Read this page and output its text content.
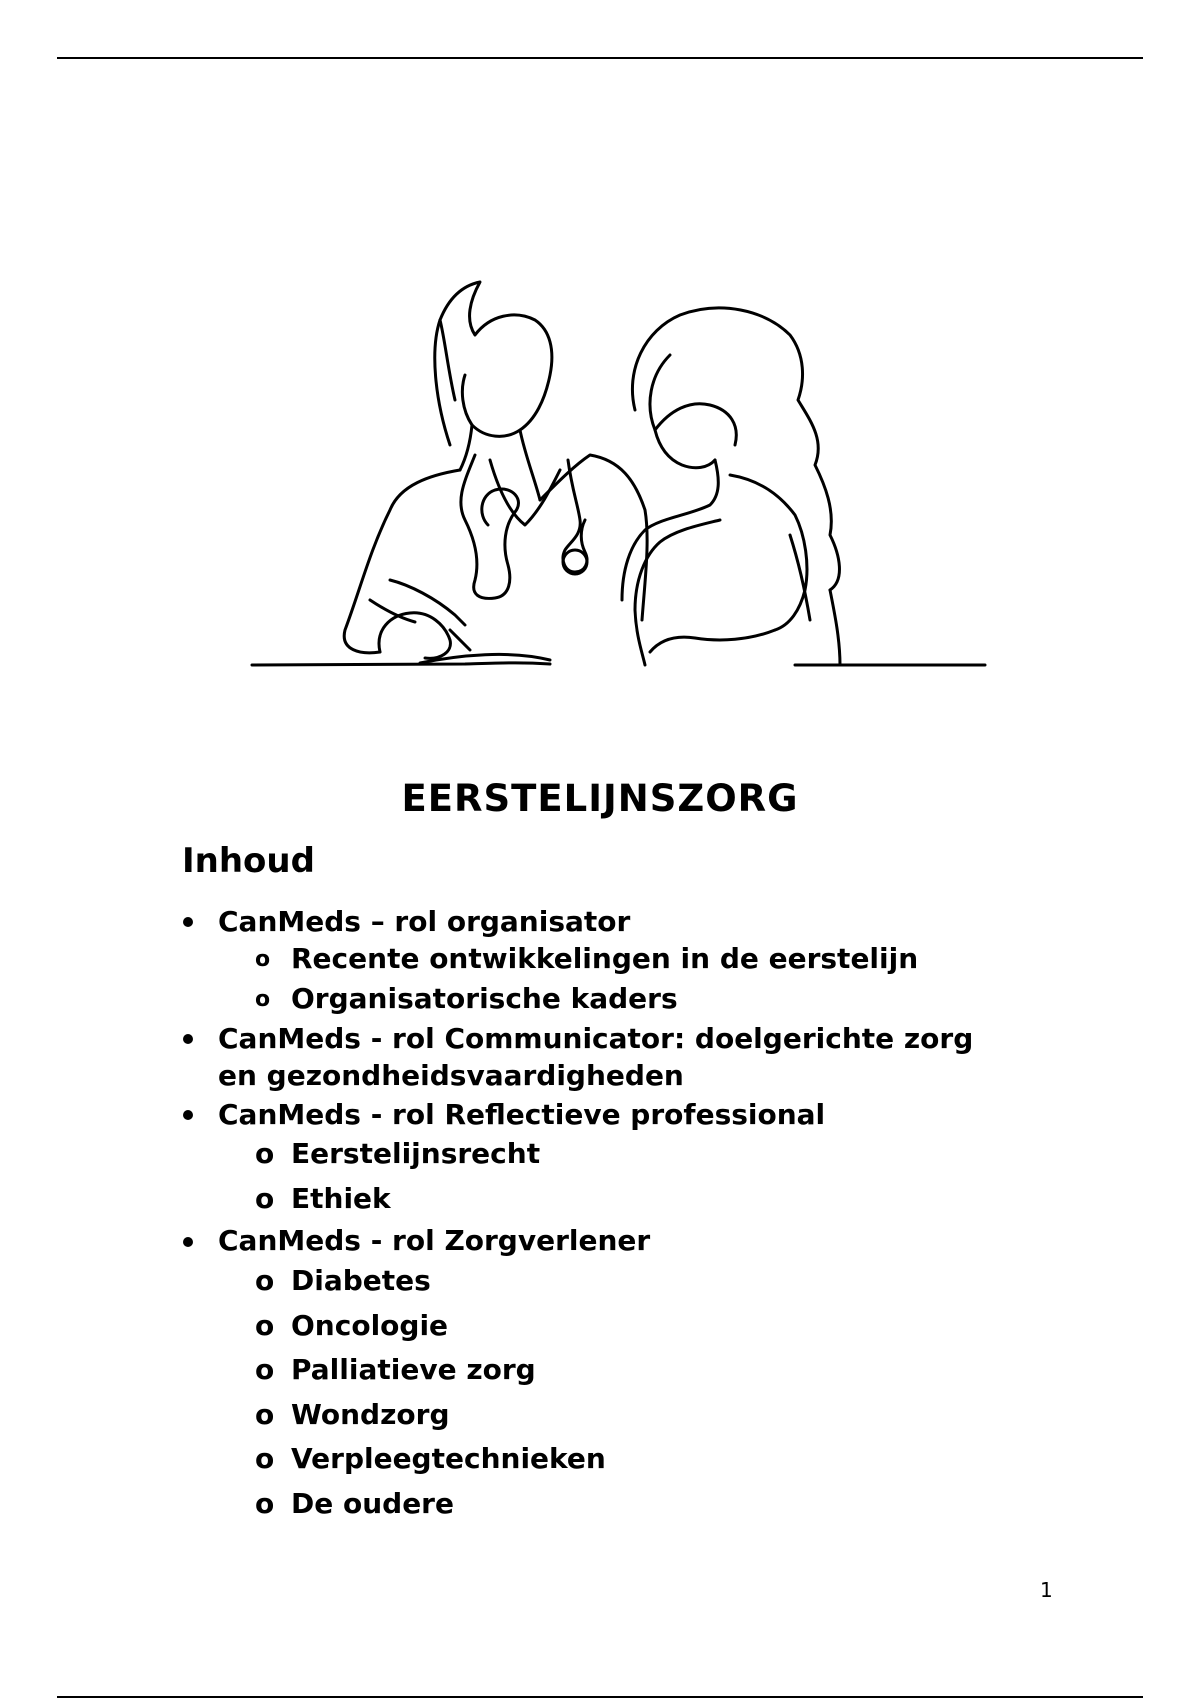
EERSTELIJNSZORG
Inhoud
CanMeds – rol organisator
o Recente ontwikkelingen in de eerstelijn
o Organisatorische kaders
CanMeds - rol Communicator: doelgerichte zorg
en gezondheidsvaardigheden
CanMeds - rol Reflectieve professional
o Eerstelijnsrecht
o Ethiek
CanMeds - rol Zorgverlener
o Diabetes
o Oncologie
o Palliatieve zorg
o Wondzorg
o Verpleegtechnieken
o De oudere
1
